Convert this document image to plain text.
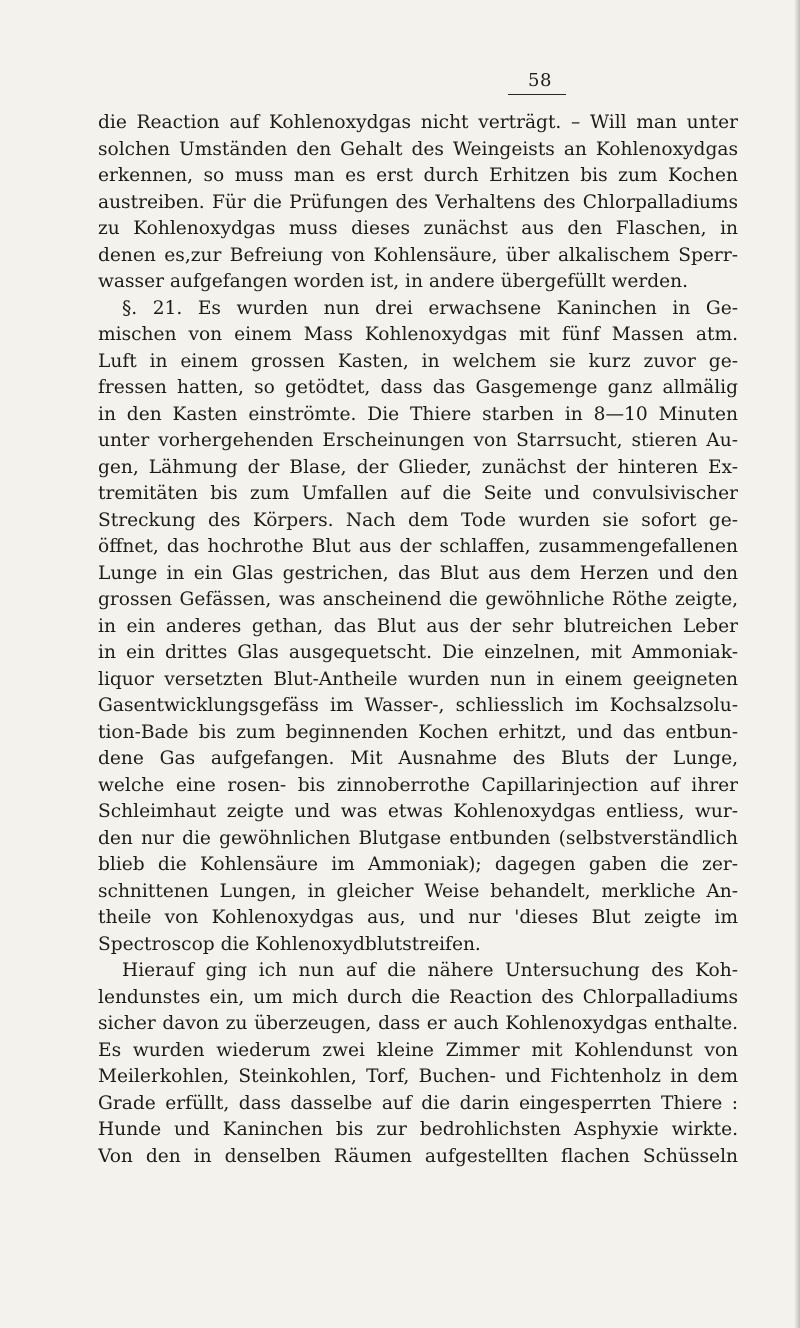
58
die Reaction auf Kohlenoxydgas nicht verträgt. – Will man unter
solchen Umständen den Gehalt des Weingeists an Kohlenoxydgas
erkennen, so muss man es erst durch Erhitzen bis zum Kochen
austreiben. Für die Prüfungen des Verhaltens des Chlorpalladiums
zu Kohlenoxydgas muss dieses zunächst aus den Flaschen, in
denen es,zur Befreiung von Kohlensäure, über alkalischem Sperr-
wasser aufgefangen worden ist, in andere übergefüllt werden.
§. 21. Es wurden nun drei erwachsene Kaninchen in Ge-
mischen von einem Mass Kohlenoxydgas mit fünf Massen atm.
Luft in einem grossen Kasten, in welchem sie kurz zuvor ge-
fressen hatten, so getödtet, dass das Gasgemenge ganz allmälig
in den Kasten einströmte. Die Thiere starben in 8—10 Minuten
unter vorhergehenden Erscheinungen von Starrsucht, stieren Au-
gen, Lähmung der Blase, der Glieder, zunächst der hinteren Ex-
tremitäten bis zum Umfallen auf die Seite und convulsivischer
Streckung des Körpers. Nach dem Tode wurden sie sofort ge-
öffnet, das hochrothe Blut aus der schlaffen, zusammengefallenen
Lunge in ein Glas gestrichen, das Blut aus dem Herzen und den
grossen Gefässen, was anscheinend die gewöhnliche Röthe zeigte,
in ein anderes gethan, das Blut aus der sehr blutreichen Leber
in ein drittes Glas ausgequetscht. Die einzelnen, mit Ammoniak-
liquor versetzten Blut-Antheile wurden nun in einem geeigneten
Gasentwicklungsgefäss im Wasser-, schliesslich im Kochsalzsolu-
tion-Bade bis zum beginnenden Kochen erhitzt, und das entbun-
dene Gas aufgefangen. Mit Ausnahme des Bluts der Lunge,
welche eine rosen- bis zinnoberrothe Capillarinjection auf ihrer
Schleimhaut zeigte und was etwas Kohlenoxydgas entliess, wur-
den nur die gewöhnlichen Blutgase entbunden (selbstverständlich
blieb die Kohlensäure im Ammoniak); dagegen gaben die zer-
schnittenen Lungen, in gleicher Weise behandelt, merkliche An-
theile von Kohlenoxydgas aus, und nur 'dieses Blut zeigte im
Spectroscop die Kohlenoxydblutstreifen.
Hierauf ging ich nun auf die nähere Untersuchung des Koh-
lendunstes ein, um mich durch die Reaction des Chlorpalladiums
sicher davon zu überzeugen, dass er auch Kohlenoxydgas enthalte.
Es wurden wiederum zwei kleine Zimmer mit Kohlendunst von
Meilerkohlen, Steinkohlen, Torf, Buchen- und Fichtenholz in dem
Grade erfüllt, dass dasselbe auf die darin eingesperrten Thiere :
Hunde und Kaninchen bis zur bedrohlichsten Asphyxie wirkte.
Von den in denselben Räumen aufgestellten flachen Schüsseln
